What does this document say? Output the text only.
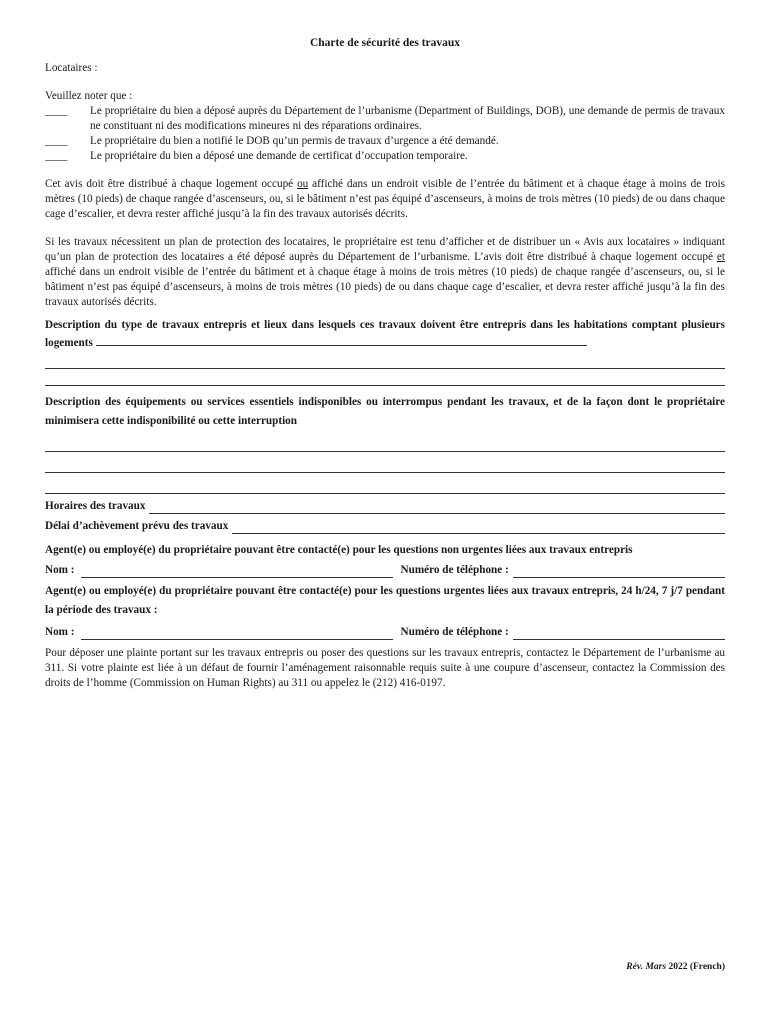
Charte de sécurité des travaux

Locataires :

Veuillez noter que :

____	Le propriétaire du bien a déposé auprès du Département de l’urbanisme (Department of Buildings, DOB), une demande de permis de travaux ne constituant ni des modifications mineures ni des réparations ordinaires.
____	Le propriétaire du bien a notifié le DOB qu’un permis de travaux d’urgence a été demandé.
____	Le propriétaire du bien a déposé une demande de certificat d’occupation temporaire.

Cet avis doit être distribué à chaque logement occupé ou affiché dans un endroit visible de l’entrée du bâtiment et à chaque étage à moins de trois mètres (10 pieds) de chaque rangée d’ascenseurs, ou, si le bâtiment n’est pas équipé d’ascenseurs, à moins de trois mètres (10 pieds) de ou dans chaque cage d’escalier, et devra rester affiché jusqu’à la fin des travaux autorisés décrits.

Si les travaux nécessitent un plan de protection des locataires, le propriétaire est tenu d’afficher et de distribuer un « Avis aux locataires » indiquant qu’un plan de protection des locataires a été déposé auprès du Département de l’urbanisme. L’avis doit être distribué à chaque logement occupé et affiché dans un endroit visible de l’entrée du bâtiment et à chaque étage à moins de trois mètres (10 pieds) de chaque rangée d’ascenseurs, ou, si le bâtiment n’est pas équipé d’ascenseurs, à moins de trois mètres (10 pieds) de ou dans chaque cage d’escalier, et devra rester affiché jusqu’à la fin des travaux autorisés décrits.

Description du type de travaux entrepris et lieux dans lesquels ces travaux doivent être entrepris dans les habitations comptant plusieurs logements
Description des équipements ou services essentiels indisponibles ou interrompus pendant les travaux, et de la façon dont le propriétaire minimisera cette indisponibilité ou cette interruption
Horaires des travaux
Délai d’achèvement prévu des travaux
Agent(e) ou employé(e) du propriétaire pouvant être contacté(e) pour les questions non urgentes liées aux travaux entrepris
Nom :	Numéro de téléphone :
Agent(e) ou employé(e) du propriétaire pouvant être contacté(e) pour les questions urgentes liées aux travaux entrepris, 24 h/24, 7 j/7 pendant la période des travaux :
Nom :	Numéro de téléphone :

Pour déposer une plainte portant sur les travaux entrepris ou poser des questions sur les travaux entrepris, contactez le Département de l’urbanisme au 311. Si votre plainte est liée à un défaut de fournir l’aménagement raisonnable requis suite à une coupure d’ascenseur, contactez la Commission des droits de l’homme (Commission on Human Rights) au 311 ou appelez le (212) 416-0197.

Rév. Mars 2022 (French)
